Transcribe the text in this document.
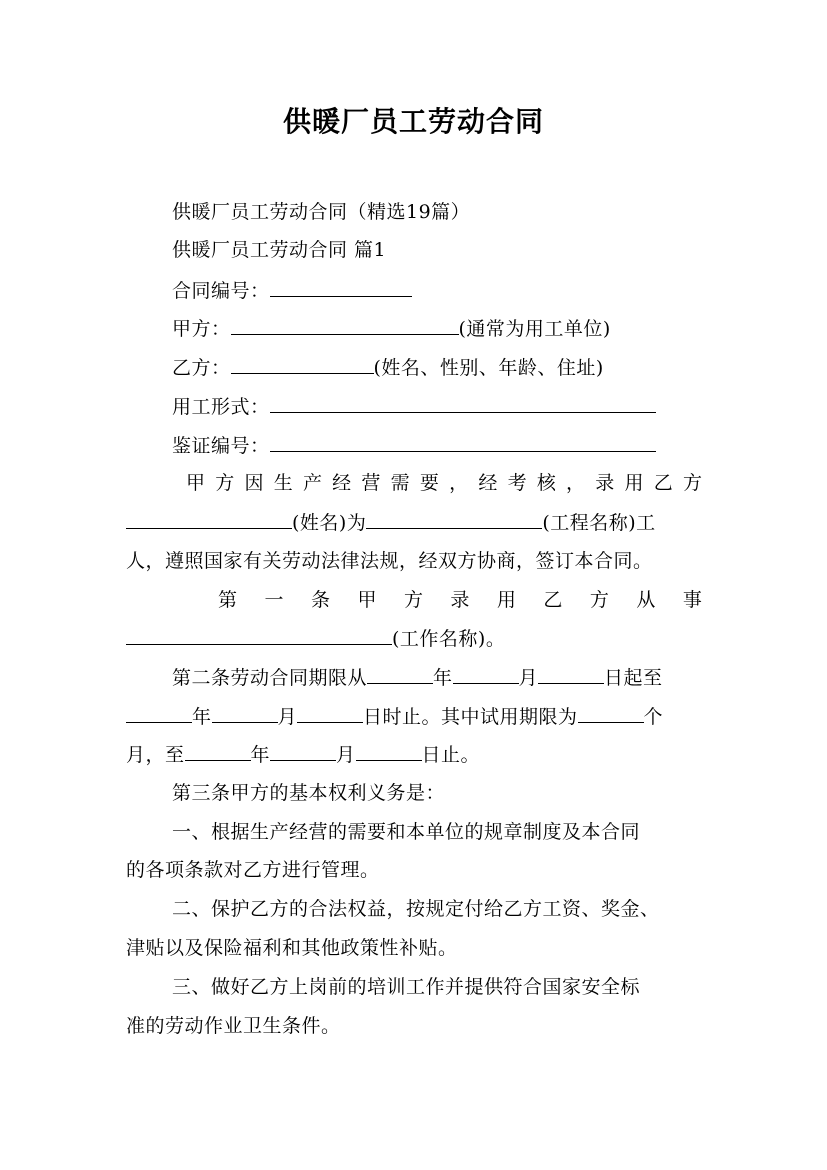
供暖厂员工劳动合同
供暖厂员工劳动合同（精选19篇）
供暖厂员工劳动合同 篇1
合同编号：
甲方：	(通常为用工单位)
乙方：	(姓名、性别、年龄、住址)
用工形式：
鉴证编号：
甲 方 因 生 产 经 营 需 要 ， 经 考 核 ， 录 用 乙 方
(姓名)为	(工程名称)工
人，遵照国家有关劳动法律法规，经双方协商，签订本合同。
第 一 条 甲 方 录 用 乙 方 从 事
(工作名称)。
第二条劳动合同期限从	年	月	日起至
年	月	日时止。其中试用期限为	个
月，至	年	月	日止。
第三条甲方的基本权利义务是：
一、根据生产经营的需要和本单位的规章制度及本合同
的各项条款对乙方进行管理。
二、保护乙方的合法权益，按规定付给乙方工资、奖金、
津贴以及保险福利和其他政策性补贴。
三、做好乙方上岗前的培训工作并提供符合国家安全标
准的劳动作业卫生条件。
